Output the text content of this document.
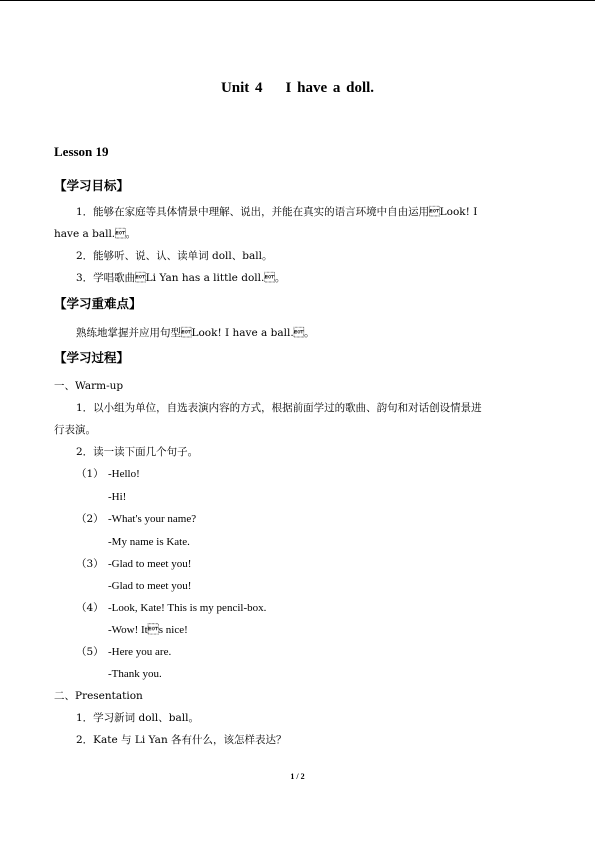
Unit 4    I have a doll.
Lesson 19
【学习目标】
1．能够在家庭等具体情景中理解、说出，并能在真实的语言环境中自由运用Look! I
have a ball.。
2．能够听、说、认、读单词 doll、ball。
3．学唱歌曲Li Yan has a little doll.。
【学习重难点】
熟练地掌握并应用句型Look! I have a ball.。
【学习过程】
一、Warm-up
1．以小组为单位，自选表演内容的方式，根据前面学过的歌曲、韵句和对话创设情景进
行表演。
2．读一读下面几个句子。
（1） -Hello!
-Hi!
（2） -What's your name?
-My name is Kate.
（3） -Glad to meet you!
-Glad to meet you!
（4） -Look, Kate! This is my pencil-box.
-Wow! Its nice!
（5） -Here you are.
-Thank you.
二、Presentation
1．学习新词 doll、ball。
2．Kate 与 Li Yan 各有什么，该怎样表达？
1 / 2
